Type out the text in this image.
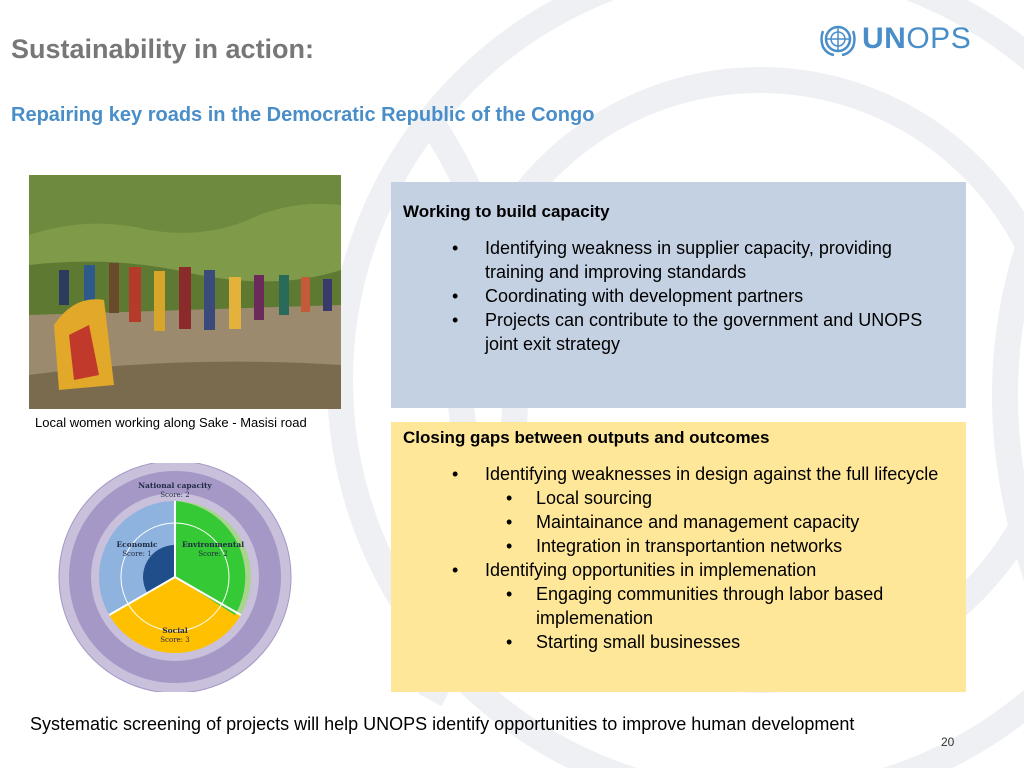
Sustainability in action:
Repairing key roads in the Democratic Republic of the Congo
UNOPS
Local women working along Sake - Masisi road
National capacity
Score: 2
Economic
Score: 1
Environmental
Score: 2
Social
Score: 3

Working to build capacity

• Identifying weakness in supplier capacity, providing training and improving standards
• Coordinating with development partners
• Projects can contribute to the government and UNOPS joint exit strategy

Closing gaps between outputs and outcomes

• Identifying weaknesses in design against the full lifecycle
• Local sourcing
• Maintainance and management capacity
• Integration in transportantion networks
• Identifying opportunities in implemenation
• Engaging communities through labor based implemenation
• Starting small businesses
Systematic screening of projects will help UNOPS identify opportunities to improve human development
20
